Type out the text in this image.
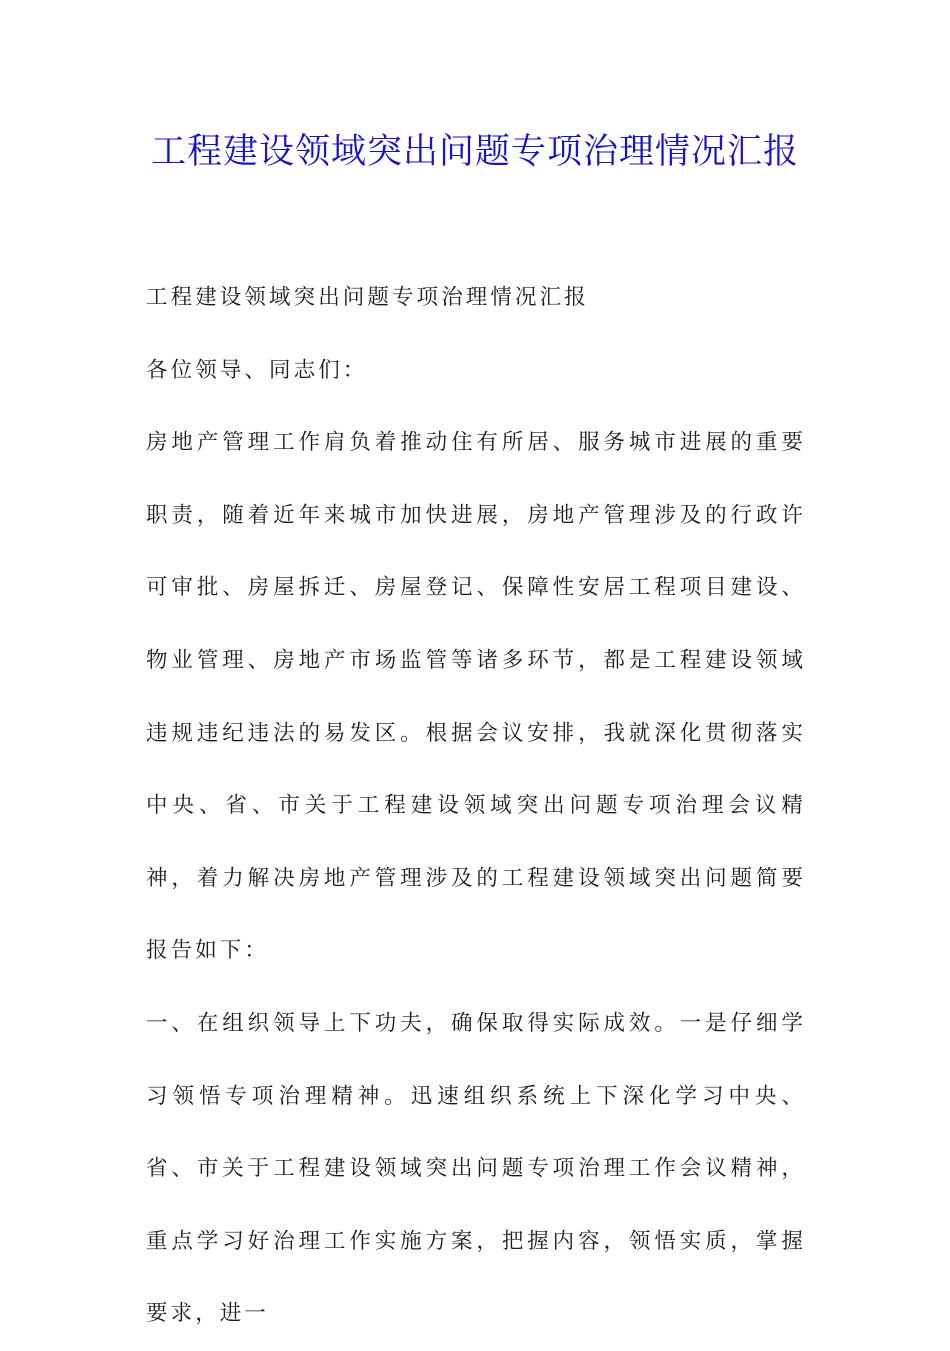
工程建设领域突出问题专项治理情况汇报

工程建设领域突出问题专项治理情况汇报

各位领导、同志们：

房地产管理工作肩负着推动住有所居、服务城市进展的重要职责，随着近年来城市加快进展，房地产管理涉及的行政许可审批、房屋拆迁、房屋登记、保障性安居工程项目建设、物业管理、房地产市场监管等诸多环节，都是工程建设领域违规违纪违法的易发区。根据会议安排，我就深化贯彻落实中央、省、市关于工程建设领域突出问题专项治理会议精神，着力解决房地产管理涉及的工程建设领域突出问题简要报告如下：

一、在组织领导上下功夫，确保取得实际成效。一是仔细学习领悟专项治理精神。迅速组织系统上下深化学习中央、省、市关于工程建设领域突出问题专项治理工作会议精神，重点学习好治理工作实施方案，把握内容，领悟实质，掌握要求，进一
